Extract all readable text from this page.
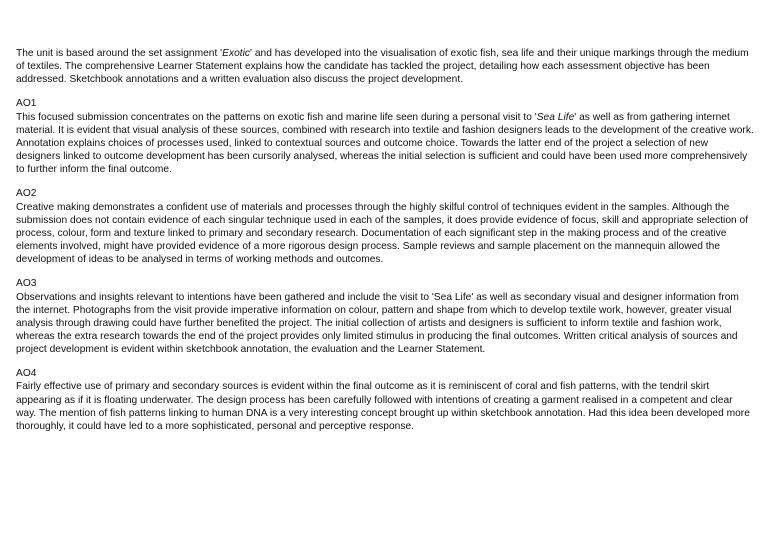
The unit is based around the set assignment 'Exotic' and has developed into the visualisation of exotic fish, sea life and their unique markings through the medium of textiles. The comprehensive Learner Statement explains how the candidate has tackled the project, detailing how each assessment objective has been addressed. Sketchbook annotations and a written evaluation also discuss the project development.

AO1
This focused submission concentrates on the patterns on exotic fish and marine life seen during a personal visit to 'Sea Life' as well as from gathering internet material. It is evident that visual analysis of these sources, combined with research into textile and fashion designers leads to the development of the creative work. Annotation explains choices of processes used, linked to contextual sources and outcome choice. Towards the latter end of the project a selection of new designers linked to outcome development has been cursorily analysed, whereas the initial selection is sufficient and could have been used more comprehensively to further inform the final outcome.
AO2
Creative making demonstrates a confident use of materials and processes through the highly skilful control of techniques evident in the samples. Although the submission does not contain evidence of each singular technique used in each of the samples, it does provide evidence of focus, skill and appropriate selection of process, colour, form and texture linked to primary and secondary research. Documentation of each significant step in the making process and of the creative elements involved, might have provided evidence of a more rigorous design process. Sample reviews and sample placement on the mannequin allowed the development of ideas to be analysed in terms of working methods and outcomes.
AO3
Observations and insights relevant to intentions have been gathered and include the visit to 'Sea Life' as well as secondary visual and designer information from the internet. Photographs from the visit provide imperative information on colour, pattern and shape from which to develop textile work, however, greater visual analysis through drawing could have further benefited the project. The initial collection of artists and designers is sufficient to inform textile and fashion work, whereas the extra research towards the end of the project provides only limited stimulus in producing the final outcomes. Written critical analysis of sources and project development is evident within sketchbook annotation, the evaluation and the Learner Statement.
AO4
Fairly effective use of primary and secondary sources is evident within the final outcome as it is reminiscent of coral and fish patterns, with the tendril skirt appearing as if it is floating underwater. The design process has been carefully followed with intentions of creating a garment realised in a competent and clear way. The mention of fish patterns linking to human DNA is a very interesting concept brought up within sketchbook annotation. Had this idea been developed more thoroughly, it could have led to a more sophisticated, personal and perceptive response.
